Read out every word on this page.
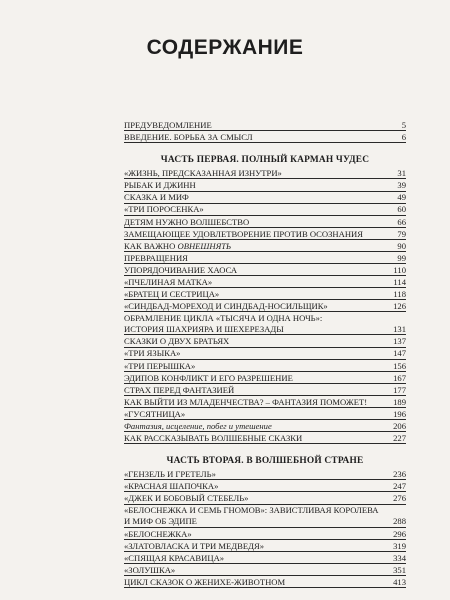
СОДЕРЖАНИЕ
ПРЕДУВЕДОМЛЕНИЕ	5
ВВЕДЕНИЕ. БОРЬБА ЗА СМЫСЛ	6
ЧАСТЬ ПЕРВАЯ. ПОЛНЫЙ КАРМАН ЧУДЕС
«ЖИЗНЬ, ПРЕДСКАЗАННАЯ ИЗНУТРИ»	31
РЫБАК И ДЖИНН	39
СКАЗКА И МИФ	49
«ТРИ ПОРОСЕНКА»	60
ДЕТЯМ НУЖНО ВОЛШЕБСТВО	66
ЗАМЕЩАЮЩЕЕ УДОВЛЕТВОРЕНИЕ ПРОТИВ ОСОЗНАНИЯ	79
КАК ВАЖНО ОВНЕШНЯТЬ	90
ПРЕВРАЩЕНИЯ	99
УПОРЯДОЧИВАНИЕ ХАОСА	110
«ПЧЕЛИНАЯ МАТКА»	114
«БРАТЕЦ И СЕСТРИЦА»	118
«СИНДБАД-МОРЕХОД И СИНДБАД-НОСИЛЬЩИК»	126
ОБРАМЛЕНИЕ ЦИКЛА «ТЫСЯЧА И ОДНА НОЧЬ»:
ИСТОРИЯ ШАХРИЯРА И ШЕХЕРЕЗАДЫ	131
СКАЗКИ О ДВУХ БРАТЬЯХ	137
«ТРИ ЯЗЫКА»	147
«ТРИ ПЕРЫШКА»	156
ЭДИПОВ КОНФЛИКТ И ЕГО РАЗРЕШЕНИЕ	167
СТРАХ ПЕРЕД ФАНТАЗИЕЙ	177
КАК ВЫЙТИ ИЗ МЛАДЕНЧЕСТВА? – ФАНТАЗИЯ ПОМОЖЕТ!	189
«ГУСЯТНИЦА»	196
Фантазия, исцеление, побег и утешение	206
КАК РАССКАЗЫВАТЬ ВОЛШЕБНЫЕ СКАЗКИ	227
ЧАСТЬ ВТОРАЯ. В ВОЛШЕБНОЙ СТРАНЕ
«ГЕНЗЕЛЬ И ГРЕТЕЛЬ»	236
«КРАСНАЯ ШАПОЧКА»	247
«ДЖЕК И БОБОВЫЙ СТЕБЕЛЬ»	276
«БЕЛОСНЕЖКА И СЕМЬ ГНОМОВ»: ЗАВИСТЛИВАЯ КОРОЛЕВА
И МИФ ОБ ЭДИПЕ	288
«БЕЛОСНЕЖКА»	296
«ЗЛАТОВЛАСКА И ТРИ МЕДВЕДЯ»	319
«СПЯЩАЯ КРАСАВИЦА»	334
«ЗОЛУШКА»	351
ЦИКЛ СКАЗОК О ЖЕНИХЕ-ЖИВОТНОМ	413
